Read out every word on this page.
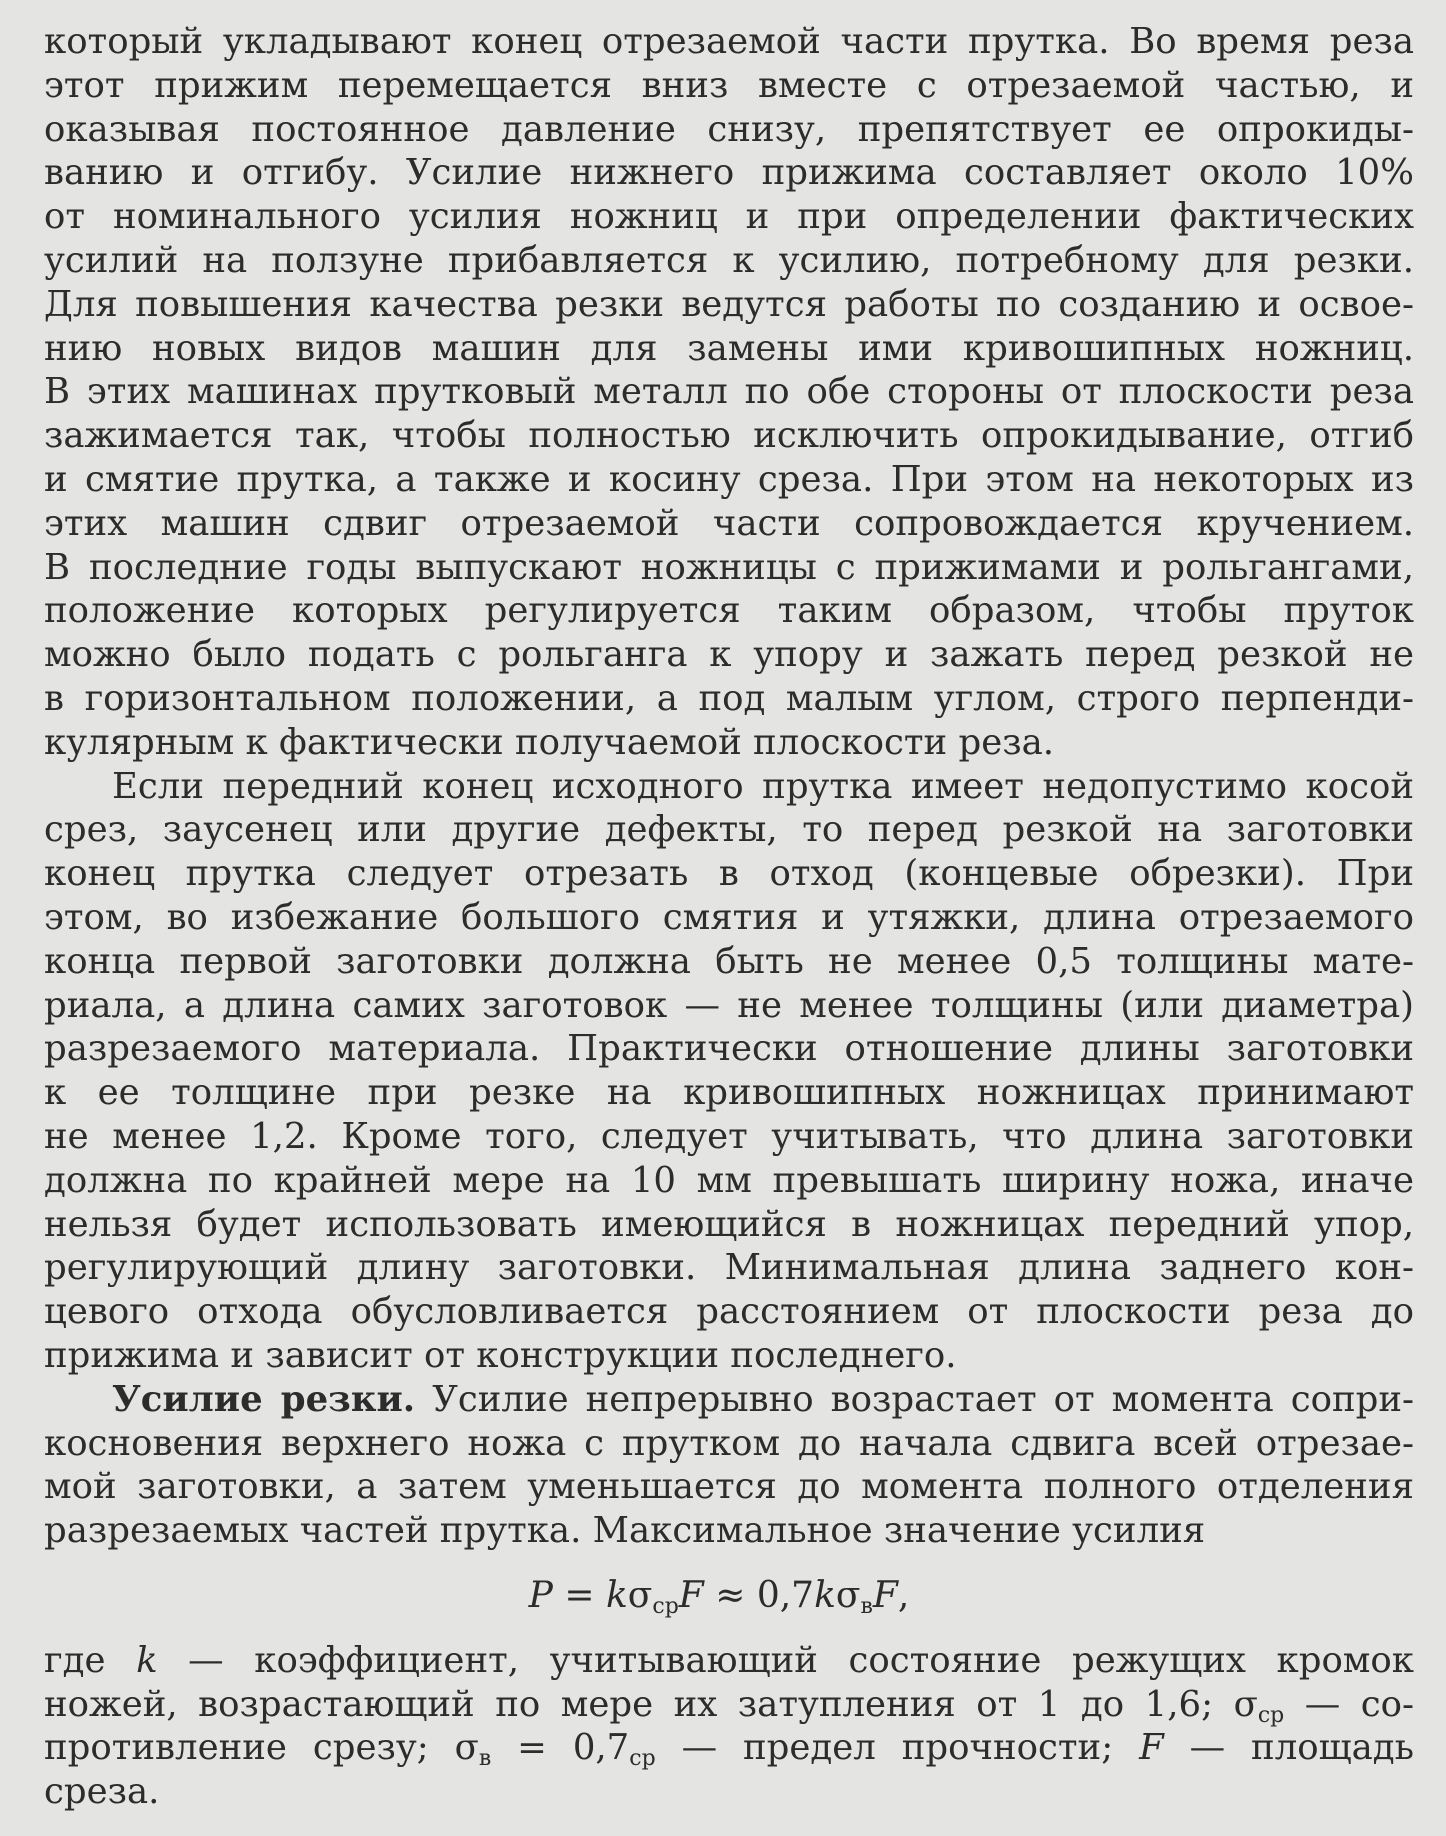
который укладывают конец отрезаемой части прутка. Во время реза
этот прижим перемещается вниз вместе с отрезаемой частью, и
оказывая постоянное давление снизу, препятствует ее опрокиды-
ванию и отгибу. Усилие нижнего прижима составляет около 10%
от номинального усилия ножниц и при определении фактических
усилий на ползуне прибавляется к усилию, потребному для резки.
Для повышения качества резки ведутся работы по созданию и освое-
нию новых видов машин для замены ими кривошипных ножниц.
В этих машинах прутковый металл по обе стороны от плоскости реза
зажимается так, чтобы полностью исключить опрокидывание, отгиб
и смятие прутка, а также и косину среза. При этом на некоторых из
этих машин сдвиг отрезаемой части сопровождается кручением.
В последние годы выпускают ножницы с прижимами и рольгангами,
положение которых регулируется таким образом, чтобы пруток
можно было подать с рольганга к упору и зажать перед резкой не
в горизонтальном положении, а под малым углом, строго перпенди-
кулярным к фактически получаемой плоскости реза.
Если передний конец исходного прутка имеет недопустимо косой
срез, заусенец или другие дефекты, то перед резкой на заготовки
конец прутка следует отрезать в отход (концевые обрезки). При
этом, во избежание большого смятия и утяжки, длина отрезаемого
конца первой заготовки должна быть не менее 0,5 толщины мате-
риала, а длина самих заготовок — не менее толщины (или диаметра)
разрезаемого материала. Практически отношение длины заготовки
к ее толщине при резке на кривошипных ножницах принимают
не менее 1,2. Кроме того, следует учитывать, что длина заготовки
должна по крайней мере на 10 мм превышать ширину ножа, иначе
нельзя будет использовать имеющийся в ножницах передний упор,
регулирующий длину заготовки. Минимальная длина заднего кон-
цевого отхода обусловливается расстоянием от плоскости реза до
прижима и зависит от конструкции последнего.
Усилие резки. Усилие непрерывно возрастает от момента сопри-
косновения верхнего ножа с прутком до начала сдвига всей отрезае-
мой заготовки, а затем уменьшается до момента полного отделения
разрезаемых частей прутка. Максимальное значение усилия
$P = k\sigma_{ср}F \approx 0,7k\sigma_вF$,
где k — коэффициент, учитывающий состояние режущих кромок
ножей, возрастающий по мере их затупления от 1 до 1,6; $\sigma_{ср}$ — со-
противление срезу; $\sigma_в = 0,7_{ср}$ — предел прочности; F — площадь
среза.
